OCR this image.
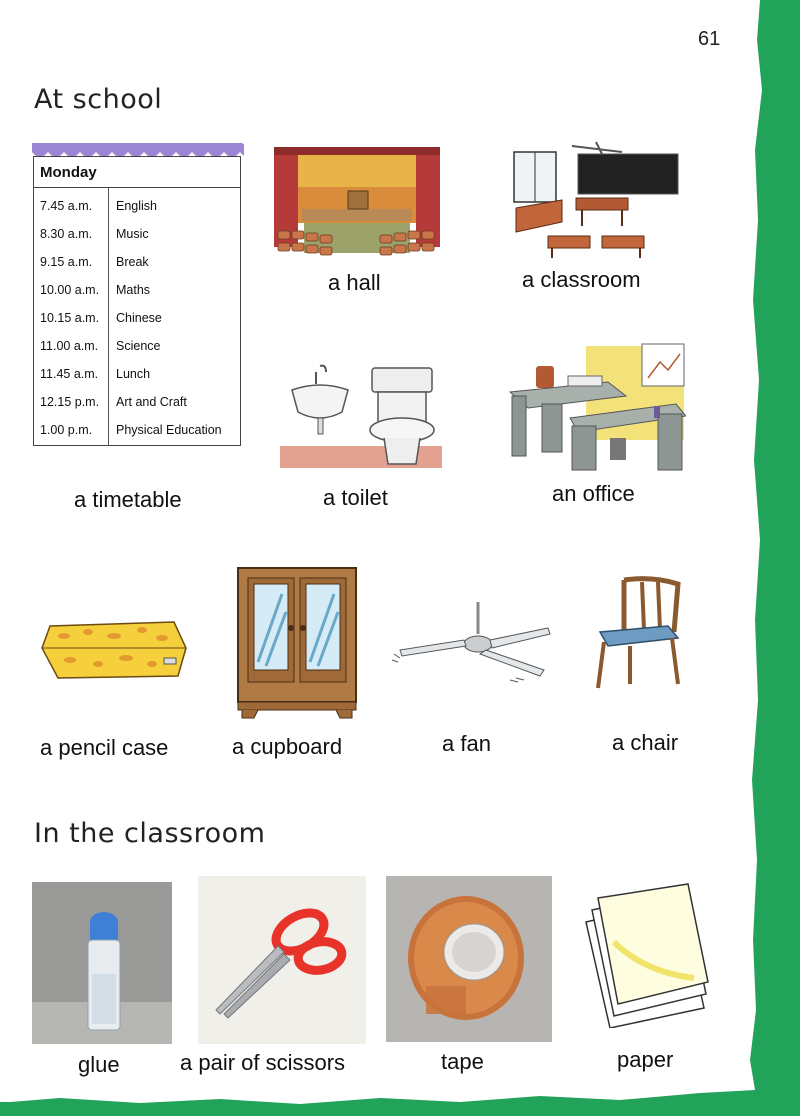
61
At school
Monday
7.45 a.m. English
8.30 a.m. Music
9.15 a.m. Break
10.00 a.m. Maths
10.15 a.m. Chinese
11.00 a.m. Science
11.45 a.m. Lunch
12.15 p.m. Art and Craft
1.00 p.m. Physical Education
a hall	a classroom
a timetable	a toilet	an office
a pencil case	a cupboard	a fan	a chair
In the classroom
glue	a pair of scissors	tape	paper
